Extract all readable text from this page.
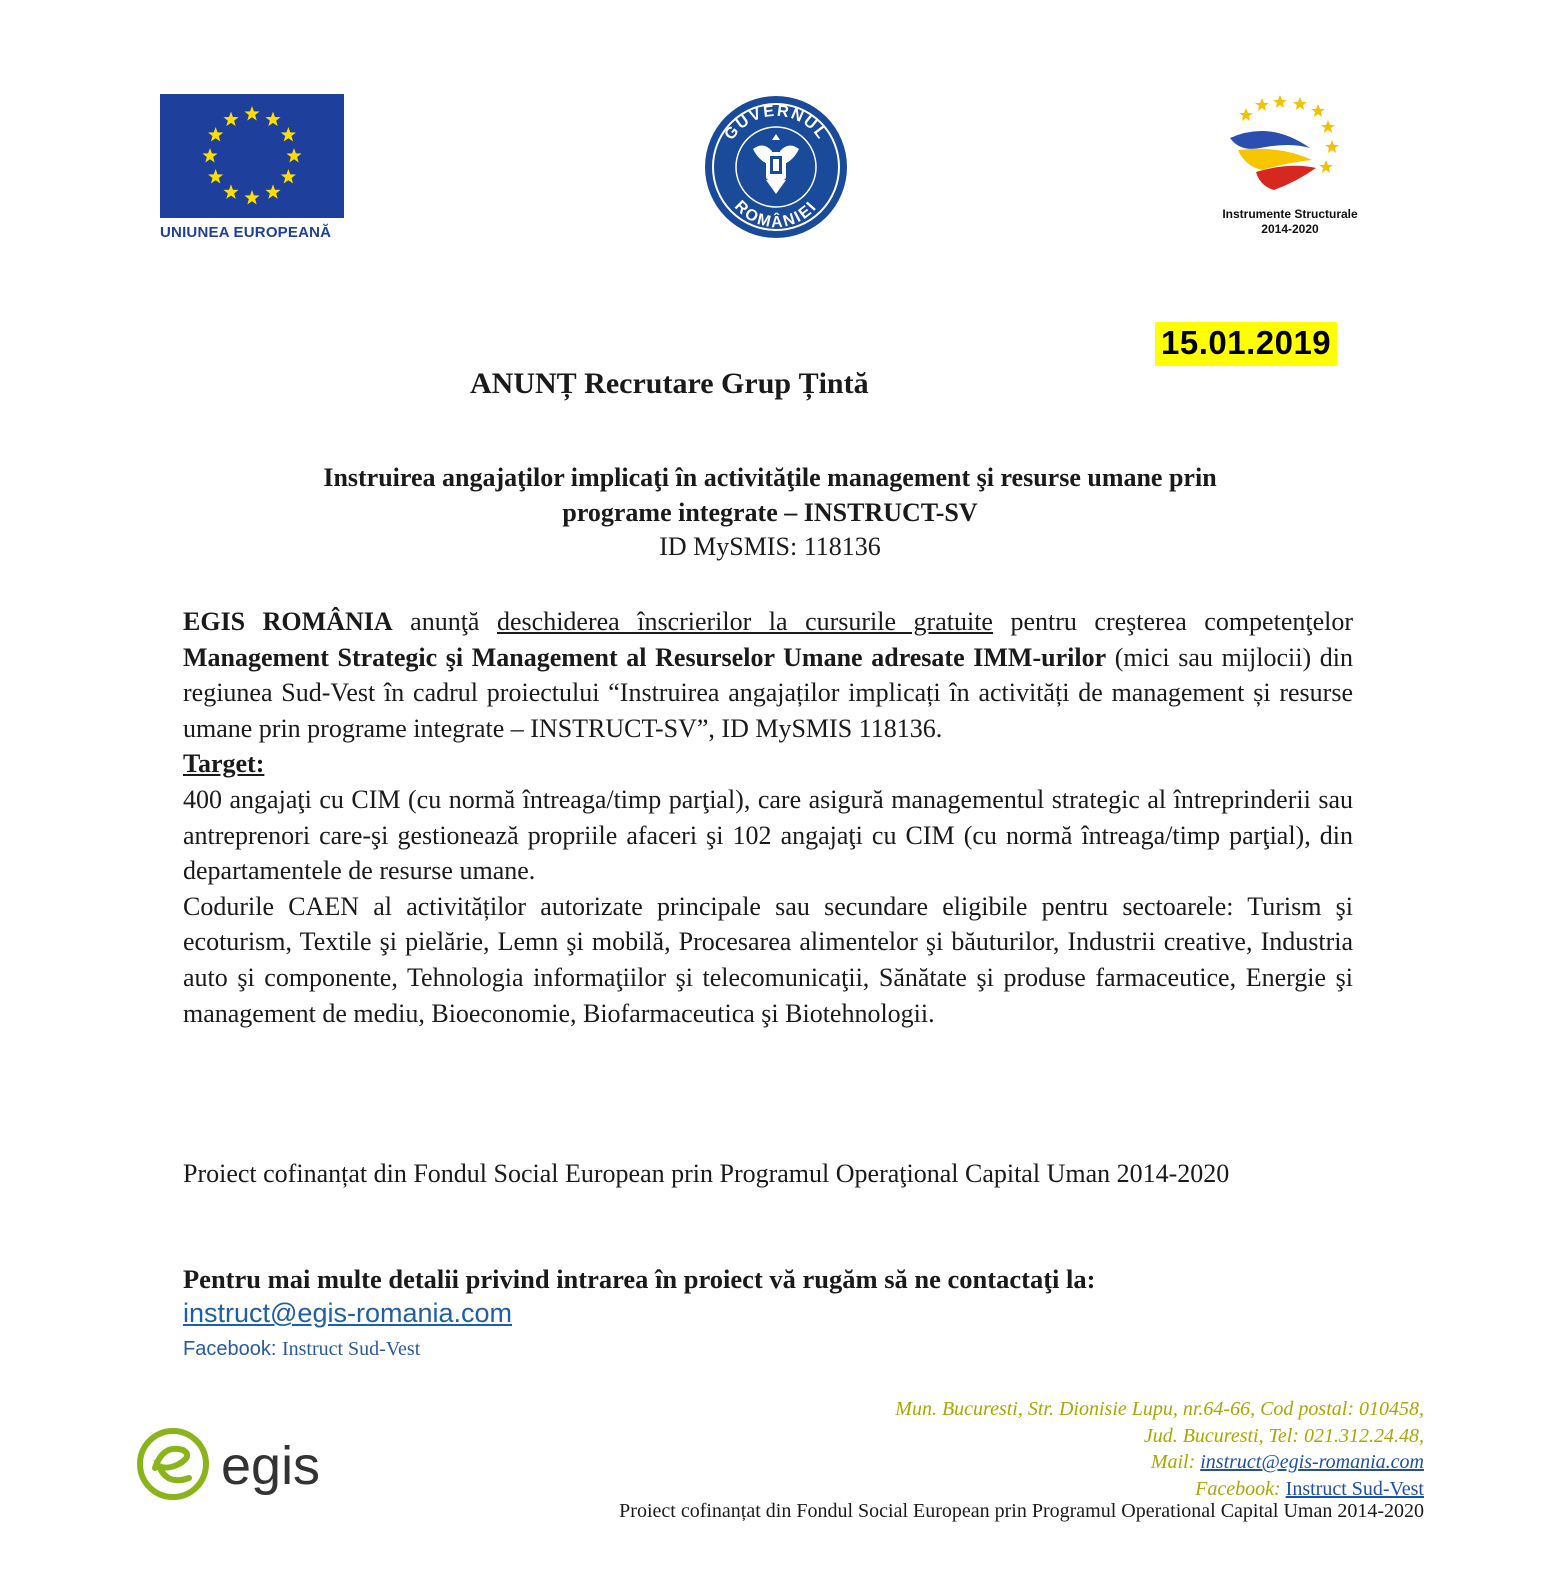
UNIUNEA EUROPEANĂ
GUVERNUL
ROMÂNIEI	Instrumente Structurale
2014-2020
15.01.2019
ANUNȚ Recrutare Grup Țintă
Instruirea angajaţilor implicaţi în activităţile management şi resurse umane prin
programe integrate – INSTRUCT-SV
ID MySMIS: 118136

EGIS ROMÂNIA anunţă deschiderea înscrierilor la cursurile gratuite pentru creşterea competenţelor Management Strategic şi Management al Resurselor Umane adresate IMM-urilor (mici sau mijlocii) din regiunea Sud-Vest în cadrul proiectului “Instruirea angajaților implicați în activități de management și resurse umane prin programe integrate – INSTRUCT-SV”, ID MySMIS 118136.

Target:

400 angajaţi cu CIM (cu normă întreaga/timp parţial), care asigură managementul strategic al întreprinderii sau antreprenori care-şi gestionează propriile afaceri şi 102 angajaţi cu CIM (cu normă întreaga/timp parţial), din departamentele de resurse umane.

Codurile CAEN al activităților autorizate principale sau secundare eligibile pentru sectoarele: Turism şi ecoturism, Textile şi pielărie, Lemn şi mobilă, Procesarea alimentelor şi băuturilor, Industrii creative, Industria auto şi componente, Tehnologia informaţiilor şi telecomunicaţii, Sănătate şi produse farmaceutice, Energie şi management de mediu, Bioeconomie, Biofarmaceutica şi Biotehnologii.

Proiect cofinanțat din Fondul Social European prin Programul Operaţional Capital Uman 2014-2020
Pentru mai multe detalii privind intrarea în proiect vă rugăm să ne contactaţi la:
instruct@egis-romania.com
Facebook: Instruct Sud-Vest
egis
Mun. Bucuresti, Str. Dionisie Lupu, nr.64-66, Cod postal: 010458,
Jud. Bucuresti, Tel: 021.312.24.48,
Mail: instruct@egis-romania.com
Facebook: Instruct Sud-Vest
Proiect cofinanțat din Fondul Social European prin Programul Operational Capital Uman 2014-2020
